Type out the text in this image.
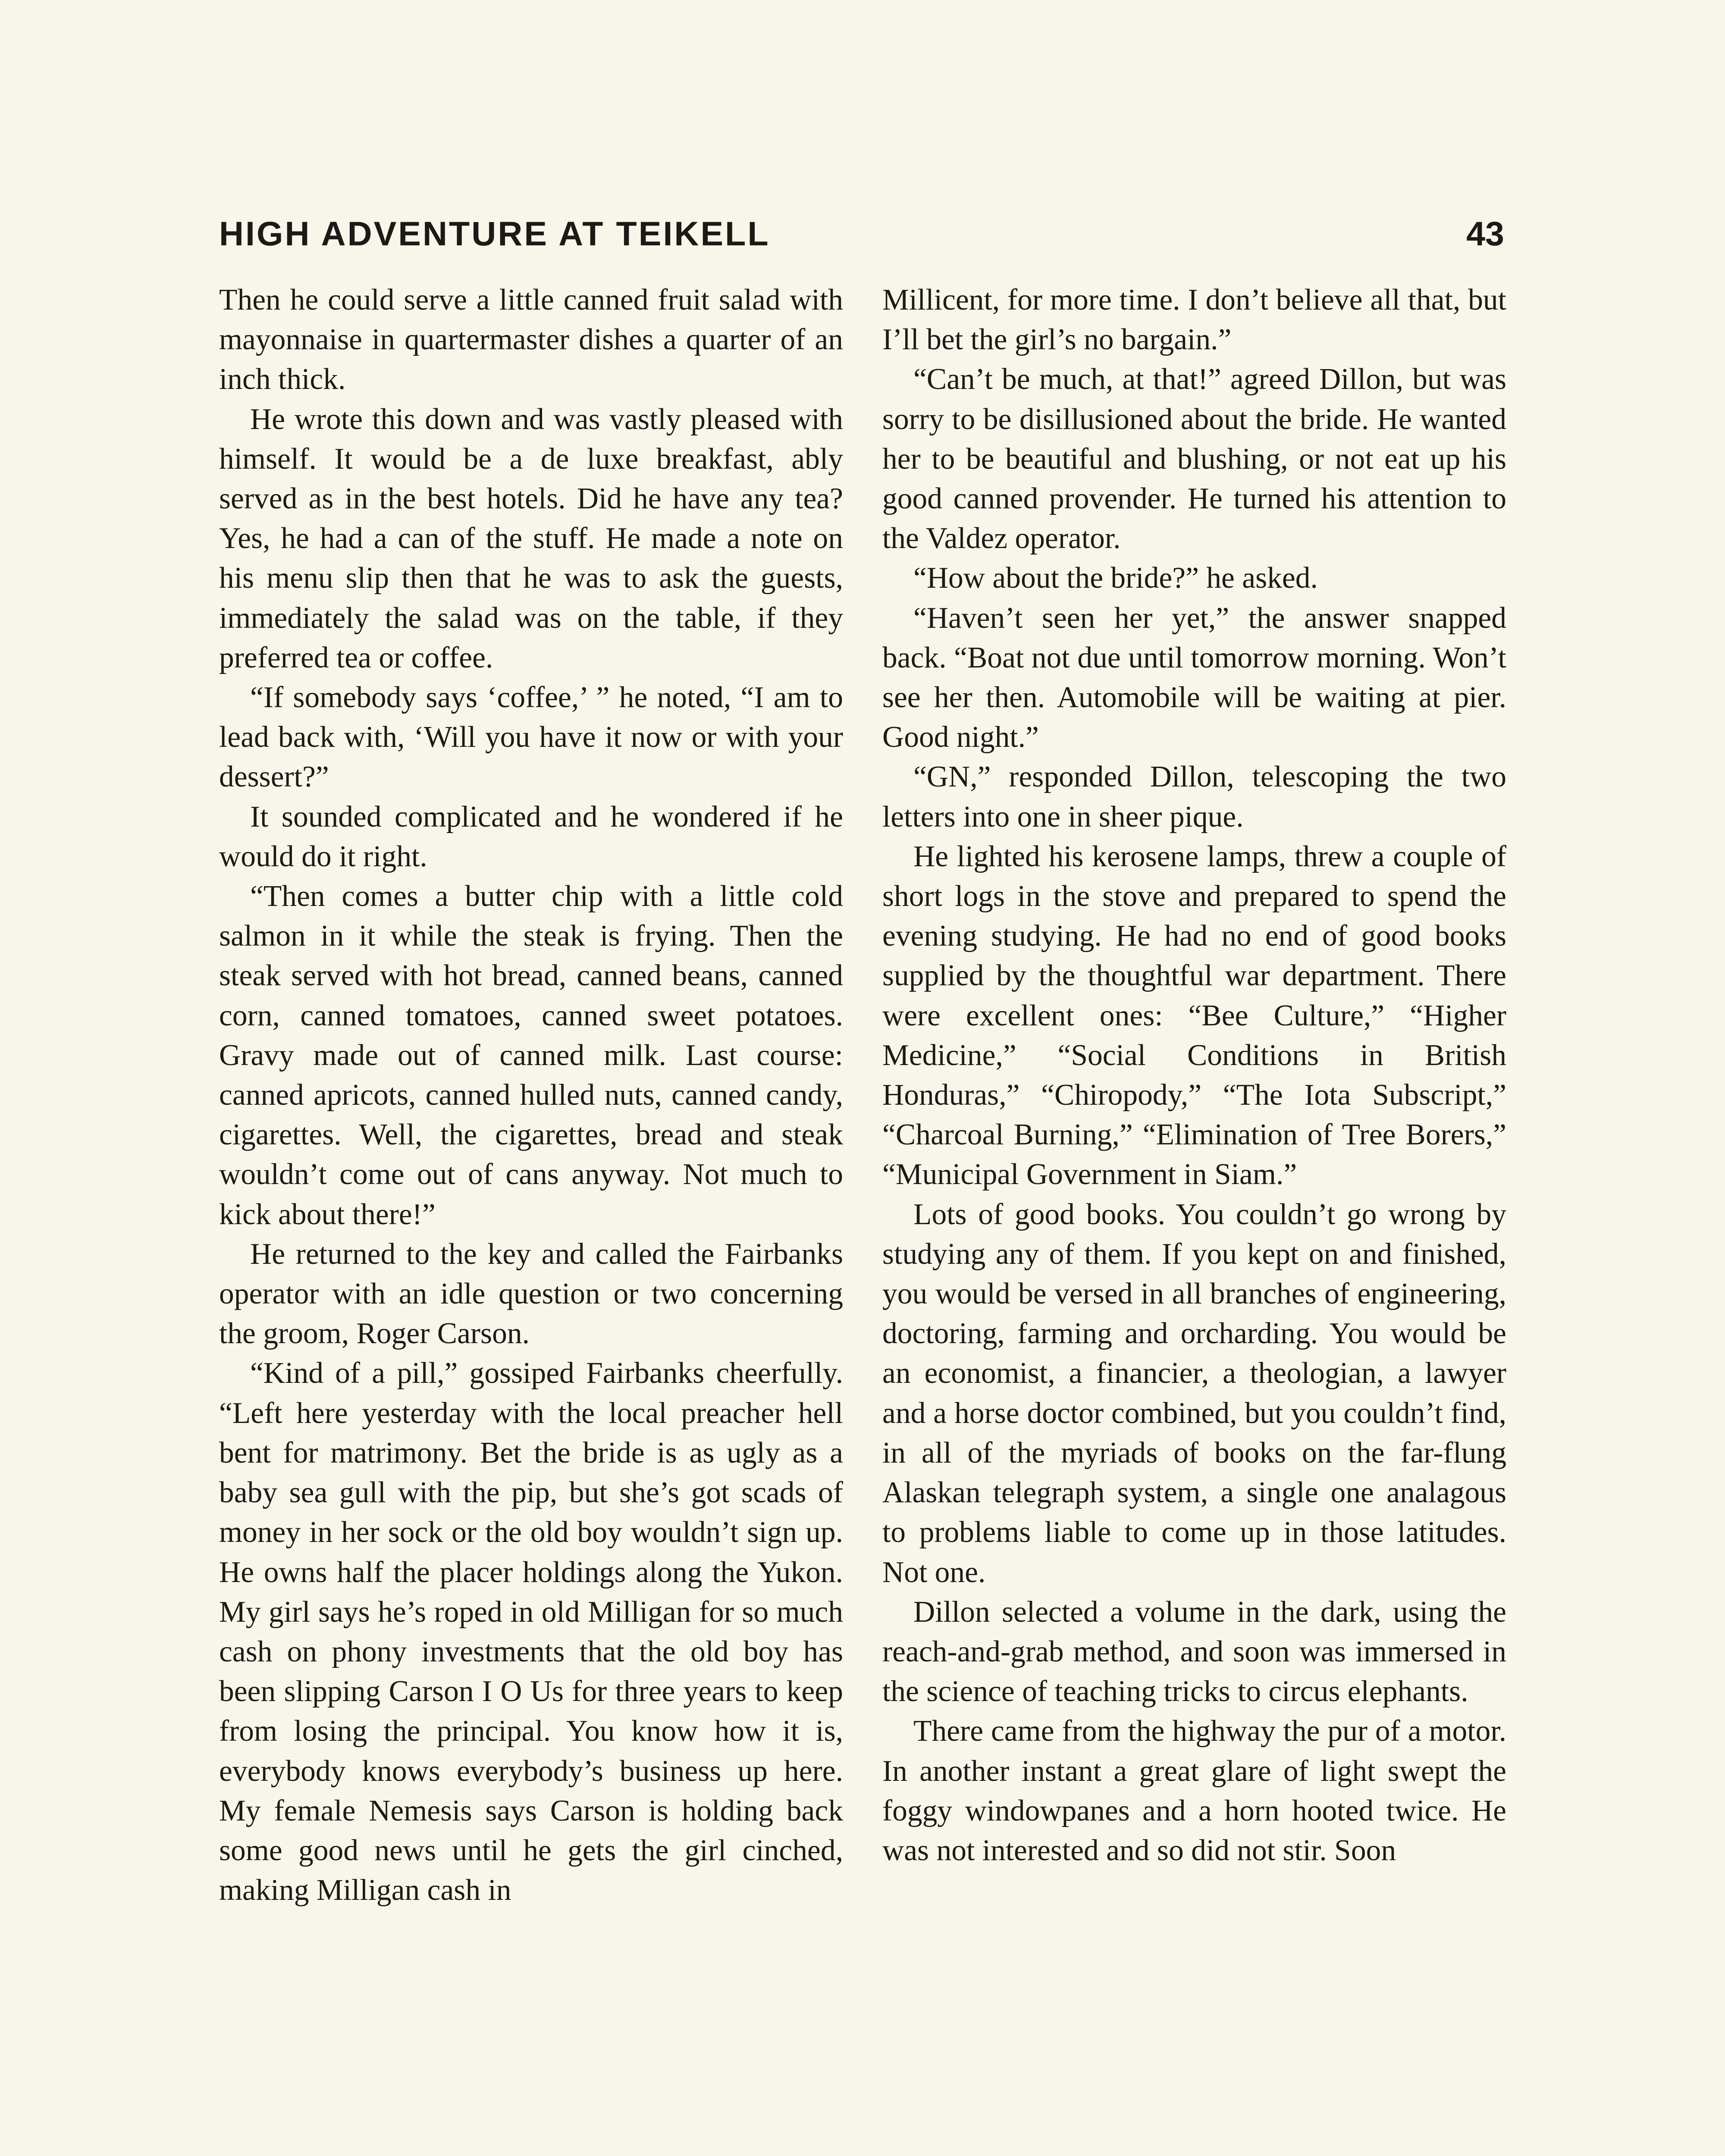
HIGH ADVENTURE AT TEIKELL	43

Then he could serve a little canned fruit salad with mayonnaise in quartermaster dishes a quarter of an inch thick.

He wrote this down and was vastly pleased with himself. It would be a de luxe breakfast, ably served as in the best hotels. Did he have any tea? Yes, he had a can of the stuff. He made a note on his menu slip then that he was to ask the guests, immediately the salad was on the table, if they preferred tea or coffee.

“If somebody says ‘coffee,’ ” he noted, “I am to lead back with, ‘Will you have it now or with your dessert?”

It sounded complicated and he wondered if he would do it right.

“Then comes a butter chip with a little cold salmon in it while the steak is frying. Then the steak served with hot bread, canned beans, canned corn, canned tomatoes, canned sweet potatoes. Gravy made out of canned milk. Last course: canned apricots, canned hulled nuts, canned candy, cigarettes. Well, the cigarettes, bread and steak wouldn’t come out of cans anyway. Not much to kick about there!”

He returned to the key and called the Fairbanks operator with an idle question or two concerning the groom, Roger Carson.

“Kind of a pill,” gossiped Fairbanks cheerfully. “Left here yesterday with the local preacher hell bent for matrimony. Bet the bride is as ugly as a baby sea gull with the pip, but she’s got scads of money in her sock or the old boy wouldn’t sign up. He owns half the placer holdings along the Yukon. My girl says he’s roped in old Milligan for so much cash on phony investments that the old boy has been slipping Carson I O Us for three years to keep from losing the principal. You know how it is, everybody knows everybody’s business up here. My female Nemesis says Carson is holding back some good news until he gets the girl cinched, making Milligan cash in

Millicent, for more time. I don’t believe all that, but I’ll bet the girl’s no bargain.”

“Can’t be much, at that!” agreed Dillon, but was sorry to be disillusioned about the bride. He wanted her to be beautiful and blushing, or not eat up his good canned provender. He turned his attention to the Valdez operator.

“How about the bride?” he asked.

“Haven’t seen her yet,” the answer snapped back. “Boat not due until tomorrow morning. Won’t see her then. Automobile will be waiting at pier. Good night.”

“GN,” responded Dillon, telescoping the two letters into one in sheer pique.

He lighted his kerosene lamps, threw a couple of short logs in the stove and prepared to spend the evening studying. He had no end of good books supplied by the thoughtful war department. There were excellent ones: “Bee Culture,” “Higher Medicine,” “Social Conditions in British Honduras,” “Chiropody,” “The Iota Subscript,” “Charcoal Burning,” “Elimination of Tree Borers,” “Municipal Government in Siam.”

Lots of good books. You couldn’t go wrong by studying any of them. If you kept on and finished, you would be versed in all branches of engineering, doctoring, farming and orcharding. You would be an economist, a financier, a theologian, a lawyer and a horse doctor combined, but you couldn’t find, in all of the myriads of books on the far-flung Alaskan telegraph system, a single one analagous to problems liable to come up in those latitudes. Not one.

Dillon selected a volume in the dark, using the reach-and-grab method, and soon was immersed in the science of teaching tricks to circus elephants.

There came from the highway the pur of a motor. In another instant a great glare of light swept the foggy windowpanes and a horn hooted twice. He was not interested and so did not stir. Soon
